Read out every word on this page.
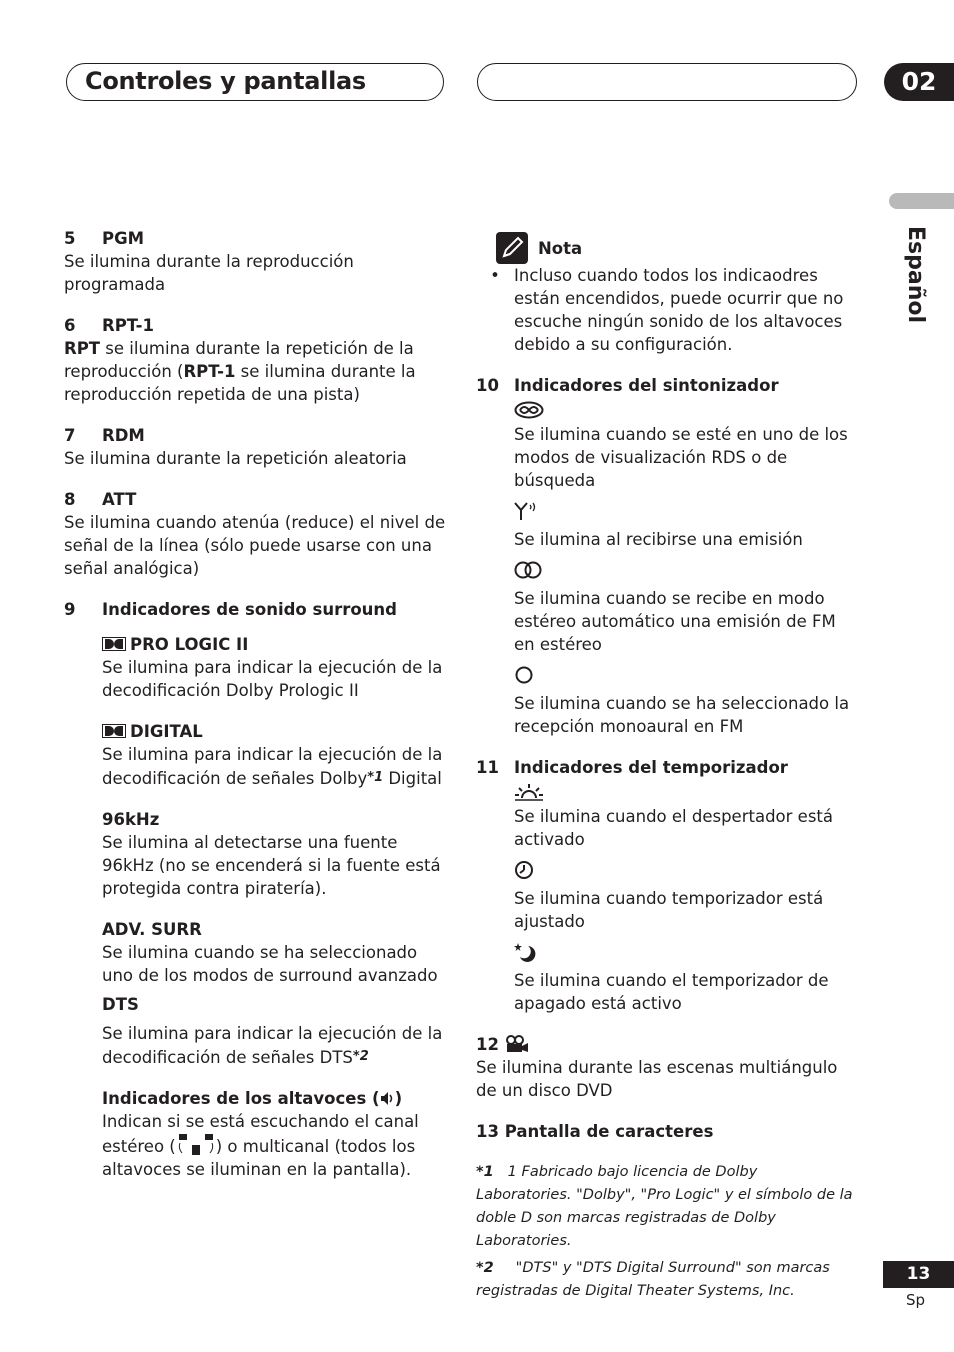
Controles y pantallas	02
Español

5 PGM

Se ilumina durante la reproducción programada

6 RPT-1

RPT se ilumina durante la repetición de la reproducción (RPT-1 se ilumina durante la reproducción repetida de una pista)

7 RDM

Se ilumina durante la repetición aleatoria

8 ATT

Se ilumina cuando atenúa (reduce) el nivel de señal de la línea (sólo puede usarse con una señal analógica)

9 Indicadores de sonido surround

PRO LOGIC II

Se ilumina para indicar la ejecución de la decodificación Dolby Prologic II

DIGITAL

Se ilumina para indicar la ejecución de la decodificación de señales Dolby*1 Digital

96kHz

Se ilumina al detectarse una fuente 96kHz (no se encenderá si la fuente está protegida contra piratería).

ADV. SURR

Se ilumina cuando se ha seleccionado uno de los modos de surround avanzado

DTS

Se ilumina para indicar la ejecución de la decodificación de señales DTS*2

Indicadores de los altavoces ( )

Indican si se está escuchando el canal estéreo ( ) o multicanal (todos los altavoces se iluminan en la pantalla).

Nota
• Incluso cuando todos los indicaodres están encendidos, puede ocurrir que no escuche ningún sonido de los altavoces debido a su configuración.

10 Indicadores del sintonizador

Se ilumina cuando se esté en uno de los modos de visualización RDS o de búsqueda

Se ilumina al recibirse una emisión

Se ilumina cuando se recibe en modo estéreo automático una emisión de FM en estéreo

Se ilumina cuando se ha seleccionado la recepción monoaural en FM

11 Indicadores del temporizador

Se ilumina cuando el despertador está activado

Se ilumina cuando temporizador está ajustado

Se ilumina cuando el temporizador de apagado está activo

12

Se ilumina durante las escenas multiángulo de un disco DVD

13 Pantalla de caracteres

*1 1 Fabricado bajo licencia de Dolby Laboratories. "Dolby", "Pro Logic" y el símbolo de la doble D son marcas registradas de Dolby Laboratories.

*2 "DTS" y "DTS Digital Surround" son marcas registradas de Digital Theater Systems, Inc.

13
Sp
